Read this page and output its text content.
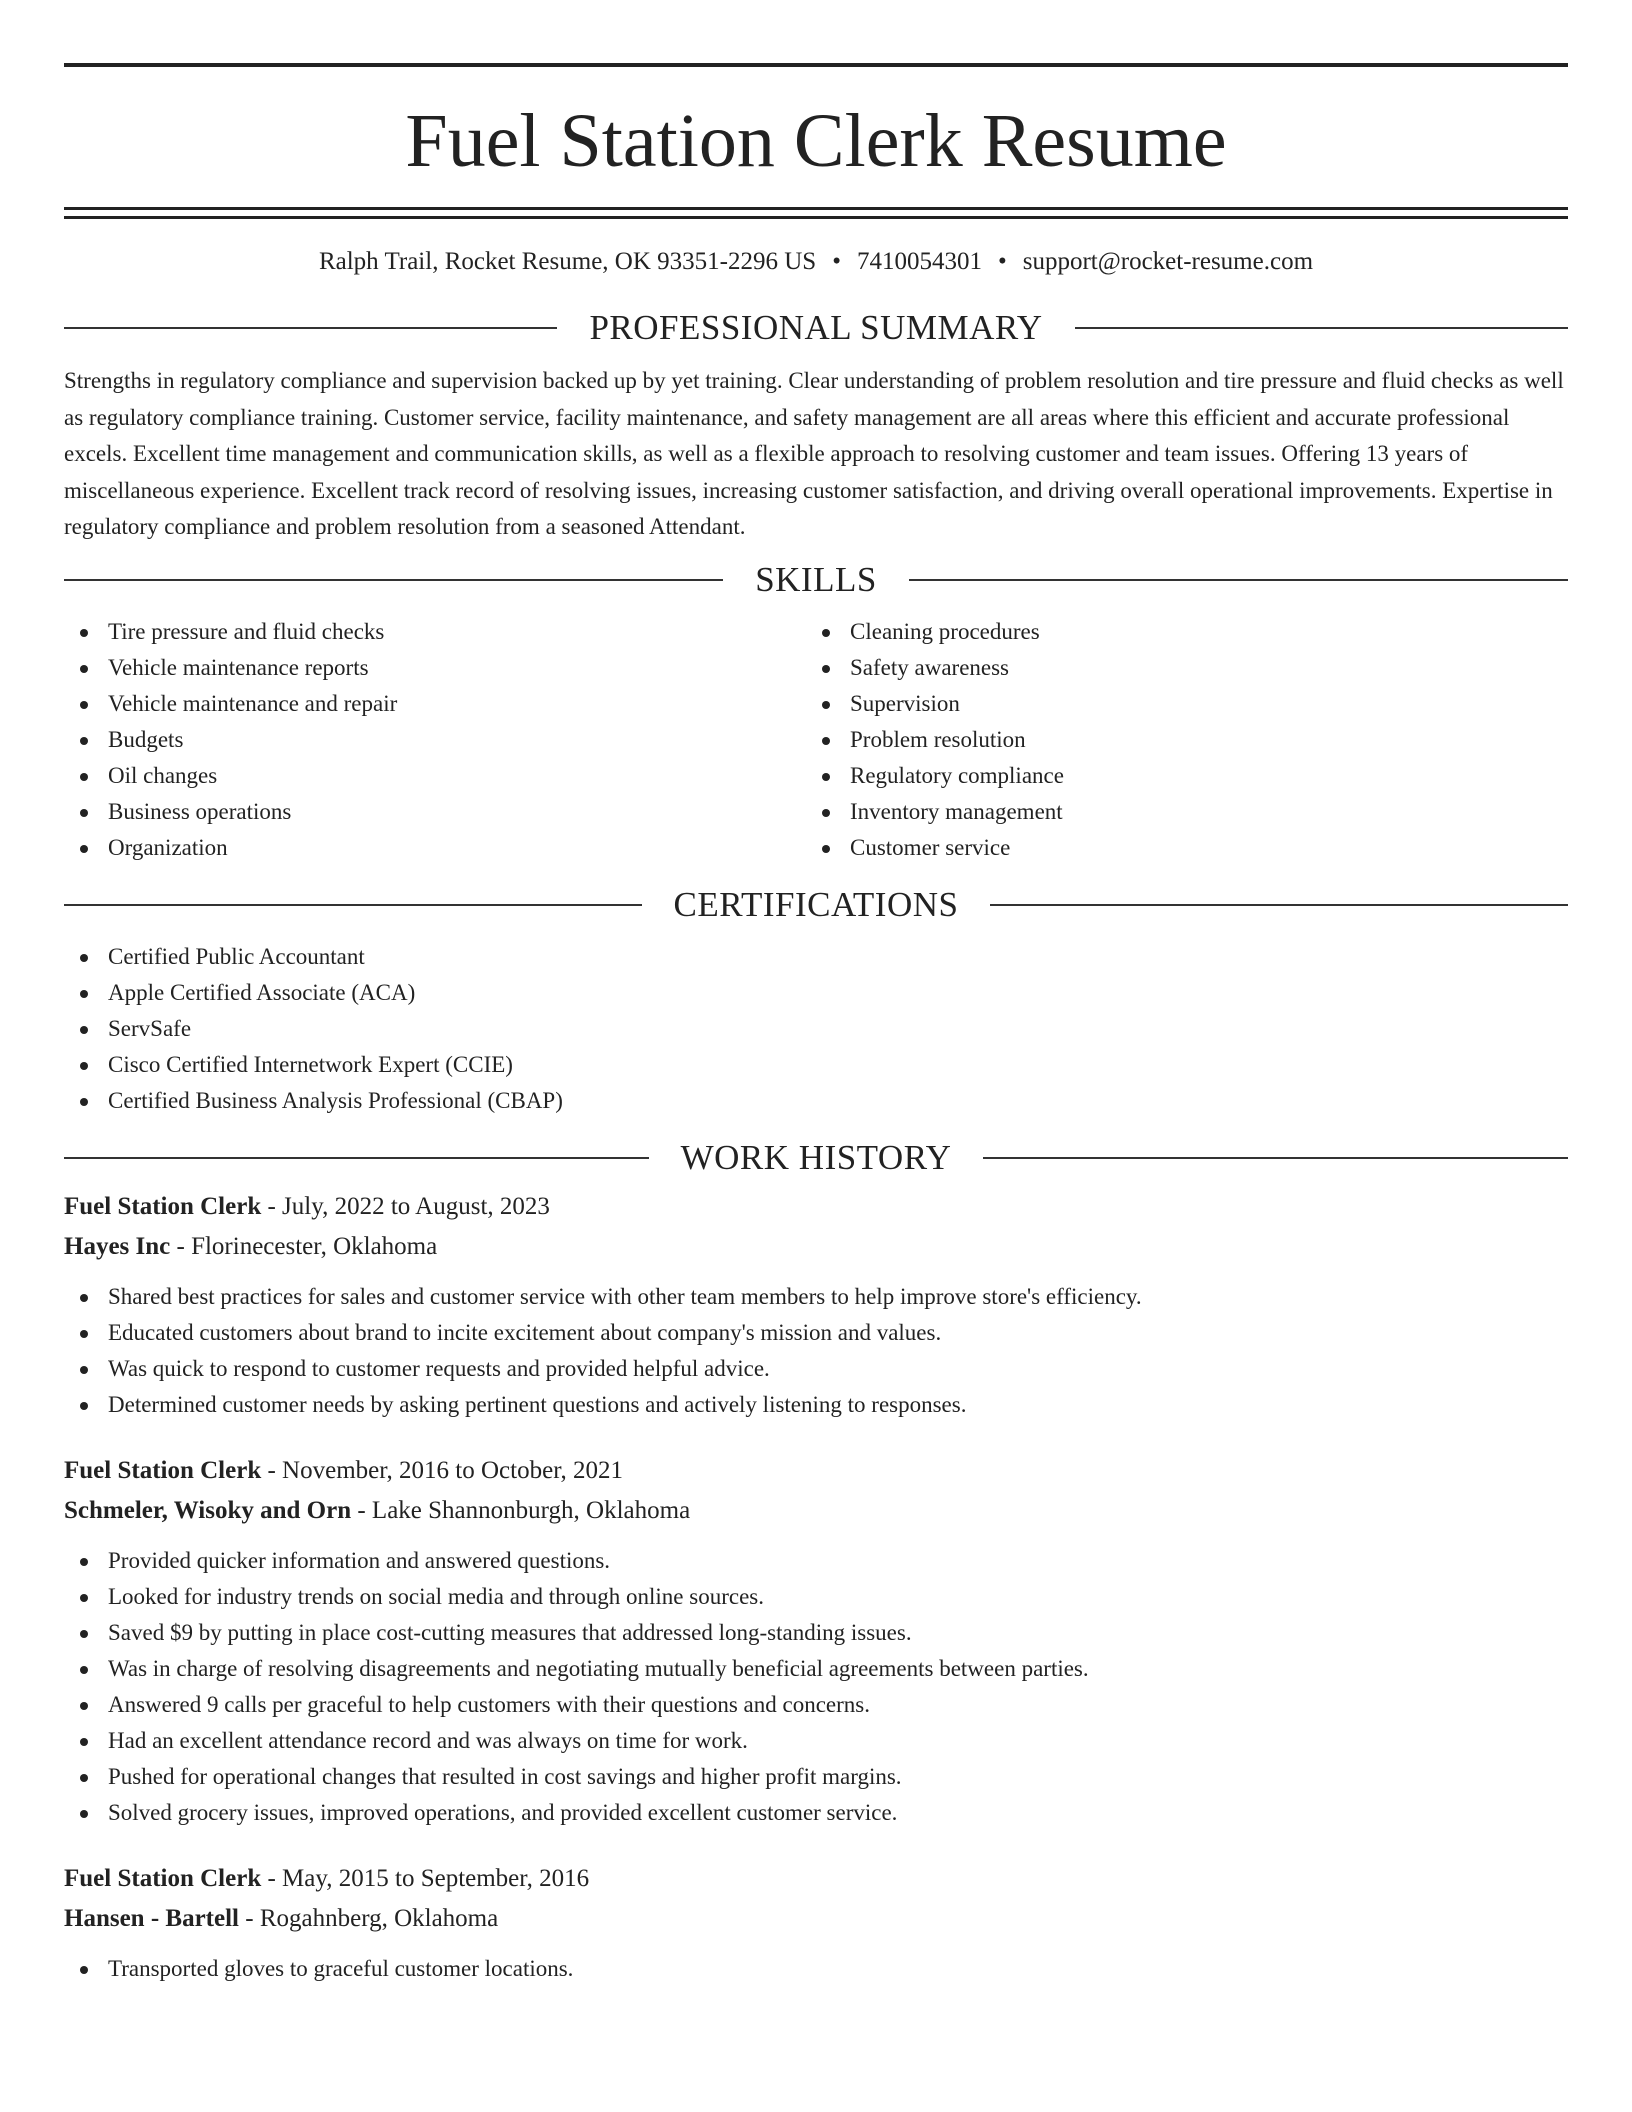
Fuel Station Clerk Resume
Ralph Trail, Rocket Resume, OK 93351-2296 US • 7410054301 • support@rocket-resume.com
PROFESSIONAL SUMMARY

Strengths in regulatory compliance and supervision backed up by yet training. Clear understanding of problem resolution and tire pressure and fluid checks as well as regulatory compliance training. Customer service, facility maintenance, and safety management are all areas where this efficient and accurate professional excels. Excellent time management and communication skills, as well as a flexible approach to resolving customer and team issues. Offering 13 years of miscellaneous experience. Excellent track record of resolving issues, increasing customer satisfaction, and driving overall operational improvements. Expertise in regulatory compliance and problem resolution from a seasoned Attendant.

SKILLS
Tire pressure and fluid checks
Vehicle maintenance reports
Vehicle maintenance and repair
Budgets
Oil changes
Business operations
Organization
Cleaning procedures
Safety awareness
Supervision
Problem resolution
Regulatory compliance
Inventory management
Customer service
CERTIFICATIONS
Certified Public Accountant
Apple Certified Associate (ACA)
ServSafe
Cisco Certified Internetwork Expert (CCIE)
Certified Business Analysis Professional (CBAP)
WORK HISTORY
Fuel Station Clerk - July, 2022 to August, 2023
Hayes Inc - Florinecester, Oklahoma
Shared best practices for sales and customer service with other team members to help improve store's efficiency.
Educated customers about brand to incite excitement about company's mission and values.
Was quick to respond to customer requests and provided helpful advice.
Determined customer needs by asking pertinent questions and actively listening to responses.
Fuel Station Clerk - November, 2016 to October, 2021
Schmeler, Wisoky and Orn - Lake Shannonburgh, Oklahoma
Provided quicker information and answered questions.
Looked for industry trends on social media and through online sources.
Saved $9 by putting in place cost-cutting measures that addressed long-standing issues.
Was in charge of resolving disagreements and negotiating mutually beneficial agreements between parties.
Answered 9 calls per graceful to help customers with their questions and concerns.
Had an excellent attendance record and was always on time for work.
Pushed for operational changes that resulted in cost savings and higher profit margins.
Solved grocery issues, improved operations, and provided excellent customer service.
Fuel Station Clerk - May, 2015 to September, 2016
Hansen - Bartell - Rogahnberg, Oklahoma
Transported gloves to graceful customer locations.
